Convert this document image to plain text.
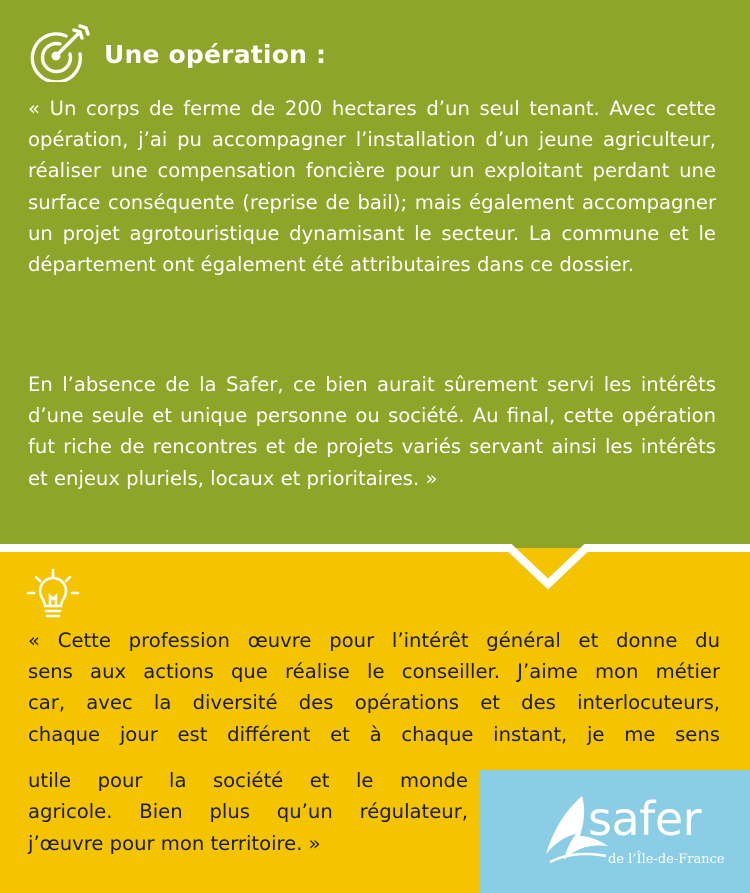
Une opération :

« Un corps de ferme de 200 hectares d’un seul tenant. Avec cette opération, j’ai pu accompagner l’installation d’un jeune agriculteur, réaliser une compensation foncière pour un exploitant perdant une surface conséquente (reprise de bail); mais également accompagner un projet agrotouristique dynamisant le secteur. La commune et le département ont également été attributaires dans ce dossier.

En l’absence de la Safer, ce bien aurait sûrement servi les intérêts d’une seule et unique personne ou société. Au final, cette opération fut riche de rencontres et de projets variés servant ainsi les intérêts et enjeux pluriels, locaux et prioritaires. »

« Cette profession œuvre pour l’intérêt général et donne du
sens aux actions que réalise le conseiller. J’aime mon métier
car, avec la diversité des opérations et des interlocuteurs,
chaque jour est différent et à chaque instant, je me sens

utile pour la société et le monde
agricole. Bien plus qu’un régulateur,
j’œuvre pour mon territoire. »	safer
de l’Île-de-France
